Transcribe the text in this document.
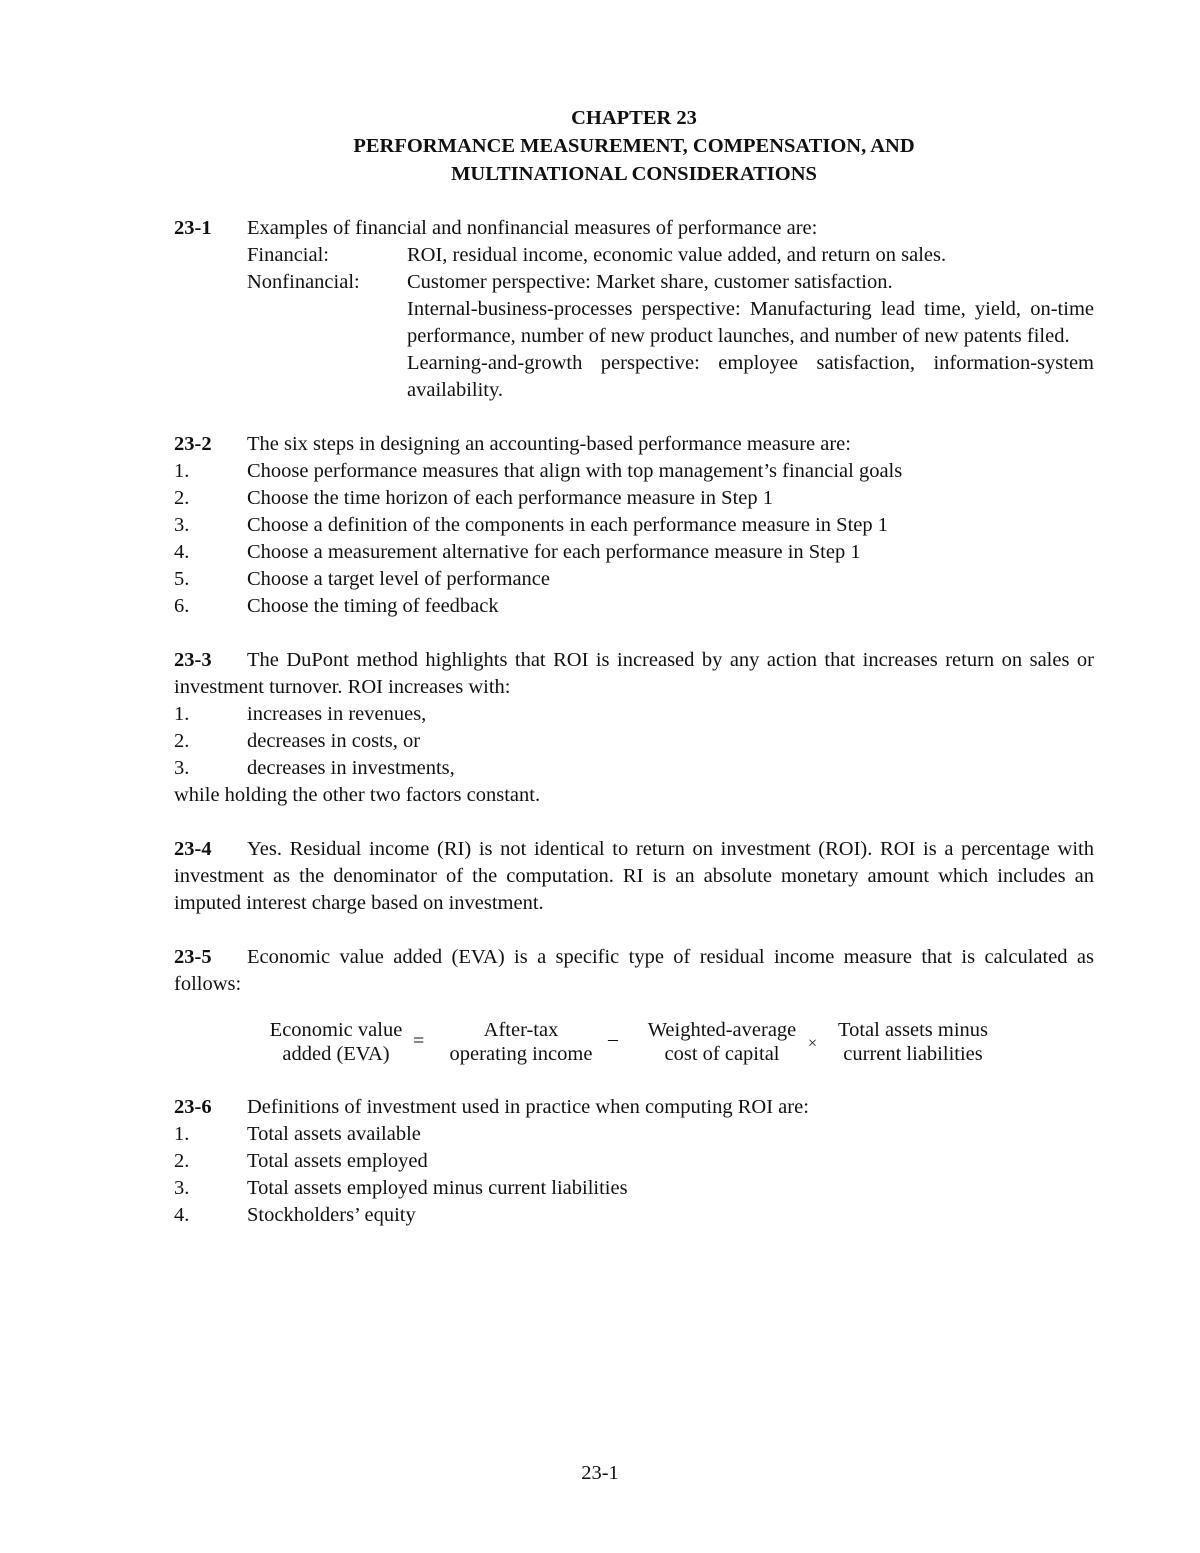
CHAPTER 23

PERFORMANCE MEASUREMENT, COMPENSATION, AND

MULTINATIONAL CONSIDERATIONS

23-1	Examples of financial and nonfinancial measures of performance are:
Financial:	ROI, residual income, economic value added, and return on sales.
Nonfinancial:	Customer perspective: Market share, customer satisfaction.
Internal-business-processes perspective: Manufacturing lead time, yield, on-time performance, number of new product launches, and number of new patents filed.
Learning-and-growth perspective: employee satisfaction, information-system availability.
23-2	The six steps in designing an accounting-based performance measure are:
1.	Choose performance measures that align with top management’s financial goals
2.	Choose the time horizon of each performance measure in Step 1
3.	Choose a definition of the components in each performance measure in Step 1
4.	Choose a measurement alternative for each performance measure in Step 1
5.	Choose a target level of performance
6.	Choose the timing of feedback
23-3 The DuPont method highlights that ROI is increased by any action that increases return on sales or investment turnover. ROI increases with:
1.	increases in revenues,
2.	decreases in costs, or
3.	decreases in investments,
while holding the other two factors constant.
23-4 Yes. Residual income (RI) is not identical to return on investment (ROI). ROI is a percentage with investment as the denominator of the computation. RI is an absolute monetary amount which includes an imputed interest charge based on investment.
23-5 Economic value added (EVA) is a specific type of residual income measure that is calculated as follows:
Economic value
added (EVA)
=	After-tax
operating income
–	Weighted-average
cost of capital	×
Total assets minus
current liabilities
23-6	Definitions of investment used in practice when computing ROI are:
1.	Total assets available
2.	Total assets employed
3.	Total assets employed minus current liabilities
4.	Stockholders’ equity
23-1
